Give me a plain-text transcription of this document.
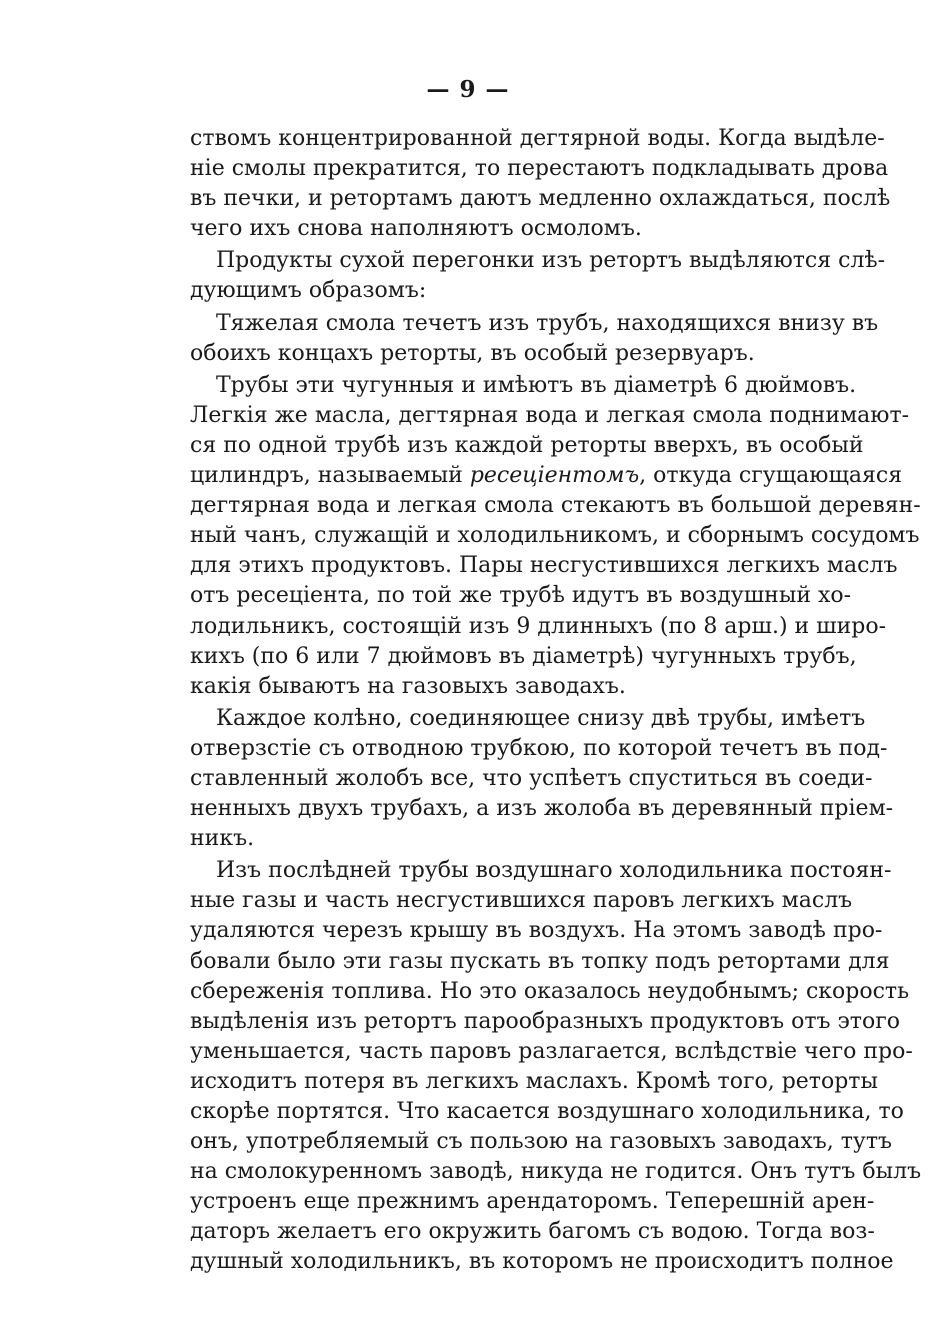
— 9 —
ствомъ концентрированной дегтярной воды. Когда выдѣле-
ніе смолы прекратится, то перестаютъ подкладывать дрова
въ печки, и ретортамъ даютъ медленно охлаждаться, послѣ
чего ихъ снова наполняютъ осмоломъ.
Продукты сухой перегонки изъ ретортъ выдѣляются слѣ-
дующимъ образомъ:
Тяжелая смола течетъ изъ трубъ, находящихся внизу въ
обоихъ концахъ реторты, въ особый резервуаръ.
Трубы эти чугунныя и имѣютъ въ діаметрѣ 6 дюймовъ.
Легкія же масла, дегтярная вода и легкая смола поднимают-
ся по одной трубѣ изъ каждой реторты вверхъ, въ особый
цилиндръ, называемый ресеціентомъ, откуда сгущающаяся
дегтярная вода и легкая смола стекаютъ въ большой деревян-
ный чанъ, служащій и холодильникомъ, и сборнымъ сосудомъ
для этихъ продуктовъ. Пары несгустившихся легкихъ маслъ
отъ ресеціента, по той же трубѣ идутъ въ воздушный хо-
лодильникъ, состоящій изъ 9 длинныхъ (по 8 арш.) и широ-
кихъ (по 6 или 7 дюймовъ въ діаметрѣ) чугунныхъ трубъ,
какія бываютъ на газовыхъ заводахъ.
Каждое колѣно, соединяющее снизу двѣ трубы, имѣетъ
отверзстіе съ отводною трубкою, по которой течетъ въ под-
ставленный жолобъ все, что успѣетъ спуститься въ соеди-
ненныхъ двухъ трубахъ, а изъ жолоба въ деревянный пріем-
никъ.
Изъ послѣдней трубы воздушнаго холодильника постоян-
ные газы и часть несгустившихся паровъ легкихъ маслъ
удаляются черезъ крышу въ воздухъ. На этомъ заводѣ про-
бовали было эти газы пускать въ топку подъ ретортами для
сбереженія топлива. Но это оказалось неудобнымъ; скорость
выдѣленія изъ ретортъ парообразныхъ продуктовъ отъ этого
уменьшается, часть паровъ разлагается, вслѣдствіе чего про-
исходитъ потеря въ легкихъ маслахъ. Кромѣ того, реторты
скорѣе портятся. Что касается воздушнаго холодильника, то
онъ, употребляемый съ пользою на газовыхъ заводахъ, тутъ
на смолокуренномъ заводѣ, никуда не годится. Онъ тутъ былъ
устроенъ еще прежнимъ арендаторомъ. Теперешній арен-
даторъ желаетъ его окружить багомъ съ водою. Тогда воз-
душный холодильникъ, въ которомъ не происходитъ полное
